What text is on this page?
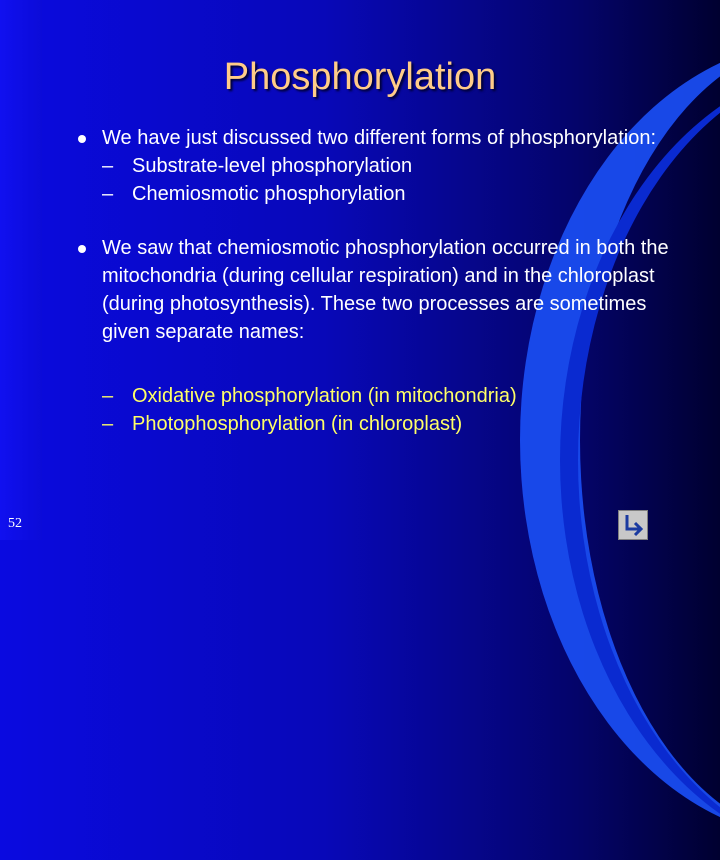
Phosphorylation
We have just discussed two different forms of phosphorylation:
– Substrate-level phosphorylation
– Chemiosmotic phosphorylation
We saw that chemiosmotic phosphorylation occurred in both the mitochondria (during cellular respiration) and in the chloroplast (during photosynthesis). These two processes are sometimes given separate names:
– Oxidative phosphorylation (in mitochondria)
– Photophosphorylation (in chloroplast)
52
